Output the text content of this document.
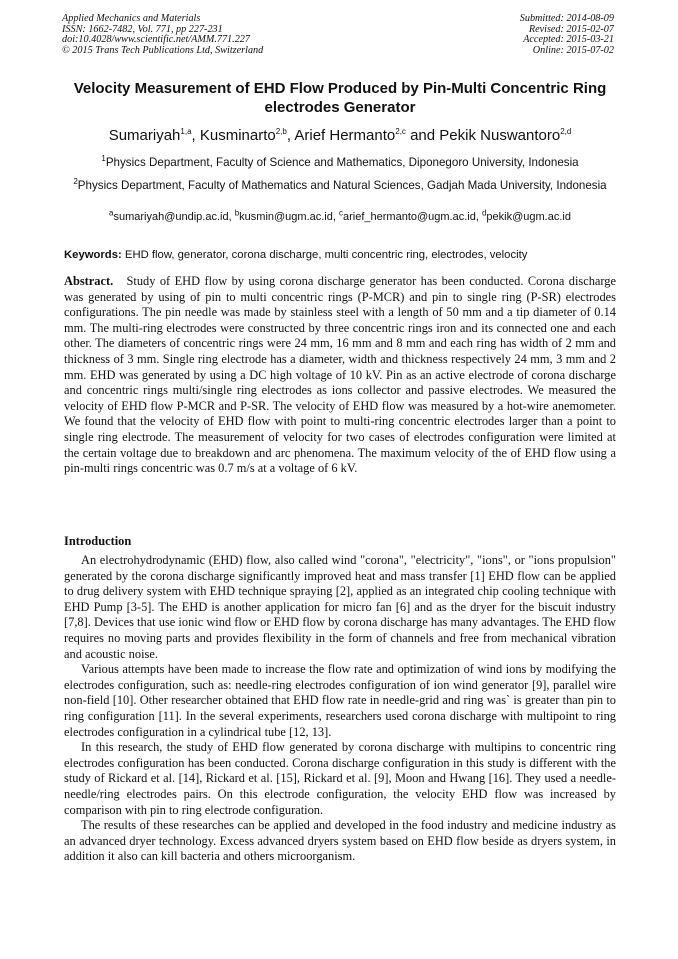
Applied Mechanics and Materials
ISSN: 1662-7482, Vol. 771, pp 227-231
doi:10.4028/www.scientific.net/AMM.771.227
© 2015 Trans Tech Publications Ltd, Switzerland
Submitted: 2014-08-09
Revised: 2015-02-07
Accepted: 2015-03-21
Online: 2015-07-02
Velocity Measurement of EHD Flow Produced by Pin-Multi Concentric Ring electrodes Generator
Sumariyah$^{1,a}$, Kusminarto$^{2,b}$, Arief Hermanto$^{2,c}$ and Pekik Nuswantoro$^{2,d}$
$^1$Physics Department, Faculty of Science and Mathematics, Diponegoro University, Indonesia
$^2$Physics Department, Faculty of Mathematics and Natural Sciences, Gadjah Mada University, Indonesia
$^a$sumariyah@undip.ac.id, $^b$kusmin@ugm.ac.id, $^c$arief_hermanto@ugm.ac.id, $^d$pekik@ugm.ac.id
Keywords: EHD flow, generator, corona discharge, multi concentric ring, electrodes, velocity

Abstract. Study of EHD flow by using corona discharge generator has been conducted. Corona discharge was generated by using of pin to multi concentric rings (P-MCR) and pin to single ring (P-SR) electrodes configurations. The pin needle was made by stainless steel with a length of 50 mm and a tip diameter of 0.14 mm. The multi-ring electrodes were constructed by three concentric rings iron and its connected one and each other. The diameters of concentric rings were 24 mm, 16 mm and 8 mm and each ring has width of 2 mm and thickness of 3 mm. Single ring electrode has a diameter, width and thickness respectively 24 mm, 3 mm and 2 mm. EHD was generated by using a DC high voltage of 10 kV. Pin as an active electrode of corona discharge and concentric rings multi/single ring electrodes as ions collector and passive electrodes. We measured the velocity of EHD flow P-MCR and P-SR. The velocity of EHD flow was measured by a hot-wire anemometer. We found that the velocity of EHD flow with point to multi-ring concentric electrodes larger than a point to single ring electrode. The measurement of velocity for two cases of electrodes configuration were limited at the certain voltage due to breakdown and arc phenomena. The maximum velocity of the of EHD flow using a pin-multi rings concentric was 0.7 m/s at a voltage of 6 kV.

Introduction

An electrohydrodynamic (EHD) flow, also called wind "corona", "electricity", "ions", or "ions propulsion" generated by the corona discharge significantly improved heat and mass transfer [1] EHD flow can be applied to drug delivery system with EHD technique spraying [2], applied as an integrated chip cooling technique with EHD Pump [3-5]. The EHD is another application for micro fan [6] and as the dryer for the biscuit industry [7,8]. Devices that use ionic wind flow or EHD flow by corona discharge has many advantages. The EHD flow requires no moving parts and provides flexibility in the form of channels and free from mechanical vibration and acoustic noise.

Various attempts have been made to increase the flow rate and optimization of wind ions by modifying the electrodes configuration, such as: needle-ring electrodes configuration of ion wind generator [9], parallel wire non-field [10]. Other researcher obtained that EHD flow rate in needle-grid and ring was` is greater than pin to ring configuration [11]. In the several experiments, researchers used corona discharge with multipoint to ring electrodes configuration in a cylindrical tube [12, 13].

In this research, the study of EHD flow generated by corona discharge with multipins to concentric ring electrodes configuration has been conducted. Corona discharge configuration in this study is different with the study of Rickard et al. [14], Rickard et al. [15], Rickard et al. [9], Moon and Hwang [16]. They used a needle-needle/ring electrodes pairs. On this electrode configuration, the velocity EHD flow was increased by comparison with pin to ring electrode configuration.

The results of these researches can be applied and developed in the food industry and medicine industry as an advanced dryer technology. Excess advanced dryers system based on EHD flow beside as dryers system, in addition it also can kill bacteria and others microorganism.
